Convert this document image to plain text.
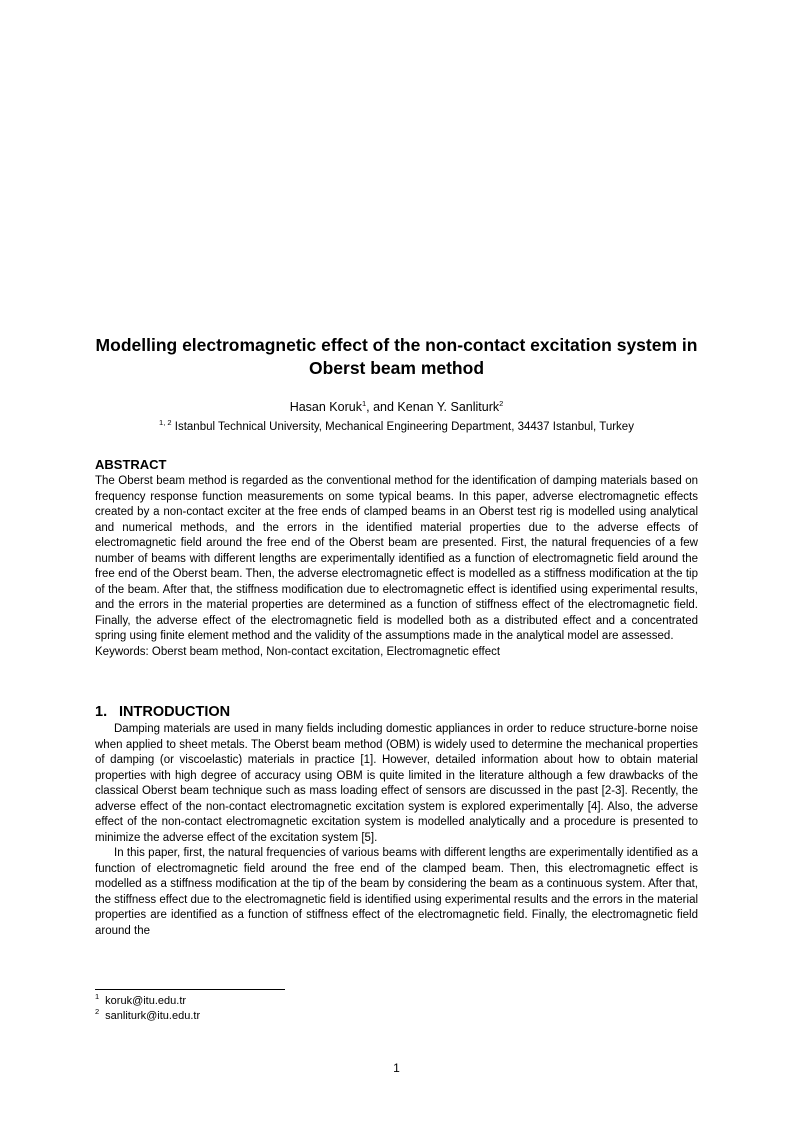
Modelling electromagnetic effect of the non-contact excitation system in Oberst beam method
Hasan Koruk$^1$, and Kenan Y. Sanliturk$^2$
$^{1, 2}$ Istanbul Technical University, Mechanical Engineering Department, 34437 Istanbul, Turkey
ABSTRACT

The Oberst beam method is regarded as the conventional method for the identification of damping materials based on frequency response function measurements on some typical beams. In this paper, adverse electromagnetic effects created by a non-contact exciter at the free ends of clamped beams in an Oberst test rig is modelled using analytical and numerical methods, and the errors in the identified material properties due to the adverse effects of electromagnetic field around the free end of the Oberst beam are presented. First, the natural frequencies of a few number of beams with different lengths are experimentally identified as a function of electromagnetic field around the free end of the Oberst beam. Then, the adverse electromagnetic effect is modelled as a stiffness modification at the tip of the beam. After that, the stiffness modification due to electromagnetic effect is identified using experimental results, and the errors in the material properties are determined as a function of stiffness effect of the electromagnetic field. Finally, the adverse effect of the electromagnetic field is modelled both as a distributed effect and a concentrated spring using finite element method and the validity of the assumptions made in the analytical model are assessed.

Keywords: Oberst beam method, Non-contact excitation, Electromagnetic effect

1. INTRODUCTION

Damping materials are used in many fields including domestic appliances in order to reduce structure-borne noise when applied to sheet metals. The Oberst beam method (OBM) is widely used to determine the mechanical properties of damping (or viscoelastic) materials in practice [1]. However, detailed information about how to obtain material properties with high degree of accuracy using OBM is quite limited in the literature although a few drawbacks of the classical Oberst beam technique such as mass loading effect of sensors are discussed in the past [2-3]. Recently, the adverse effect of the non-contact electromagnetic excitation system is explored experimentally [4]. Also, the adverse effect of the non-contact electromagnetic excitation system is modelled analytically and a procedure is presented to minimize the adverse effect of the excitation system [5].

In this paper, first, the natural frequencies of various beams with different lengths are experimentally identified as a function of electromagnetic field around the free end of the clamped beam. Then, this electromagnetic effect is modelled as a stiffness modification at the tip of the beam by considering the beam as a continuous system. After that, the stiffness effect due to the electromagnetic field is identified using experimental results and the errors in the material properties are identified as a function of stiffness effect of the electromagnetic field. Finally, the electromagnetic field around the

$^1$ koruk@itu.edu.tr
$^2$ sanliturk@itu.edu.tr
1
